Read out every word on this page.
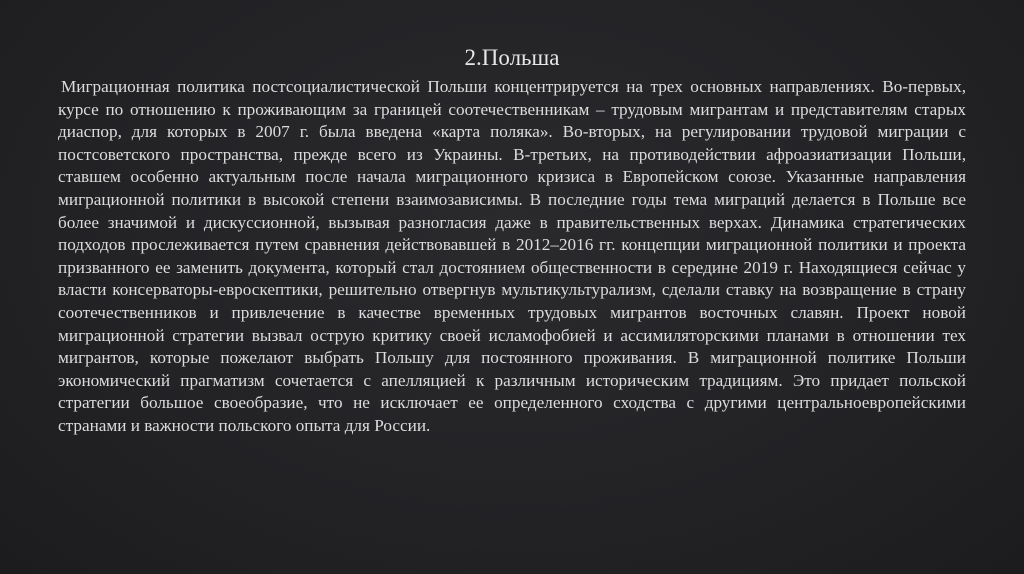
2.Польша

Миграционная политика постсоциалистической Польши концентрируется на трех основных направлениях. Во-первых, курсе по отношению к проживающим за границей соотечественникам – трудовым мигрантам и представителям старых диаспор, для которых в 2007 г. была введена «карта поляка». Во-вторых, на регулировании трудовой миграции с постсоветского пространства, прежде всего из Украины. В-третьих, на противодействии афроазиатизации Польши, ставшем особенно актуальным после начала миграционного кризиса в Европейском союзе. Указанные направления миграционной политики в высокой степени взаимозависимы. В последние годы тема миграций делается в Польше все более значимой и дискуссионной, вызывая разногласия даже в правительственных верхах. Динамика стратегических подходов прослеживается путем сравнения действовавшей в 2012–2016 гг. концепции миграционной политики и проекта призванного ее заменить документа, который стал достоянием общественности в середине 2019 г. Находящиеся сейчас у власти консерваторы-евроскептики, решительно отвергнув мультикультурализм, сделали ставку на возвращение в страну соотечественников и привлечение в качестве временных трудовых мигрантов восточных славян. Проект новой миграционной стратегии вызвал острую критику своей исламофобией и ассимиляторскими планами в отношении тех мигрантов, которые пожелают выбрать Польшу для постоянного проживания. В миграционной политике Польши экономический прагматизм сочетается с апелляцией к различным историческим традициям. Это придает польской стратегии большое своеобразие, что не исключает ее определенного сходства с другими центральноевропейскими странами и важности польского опыта для России.
